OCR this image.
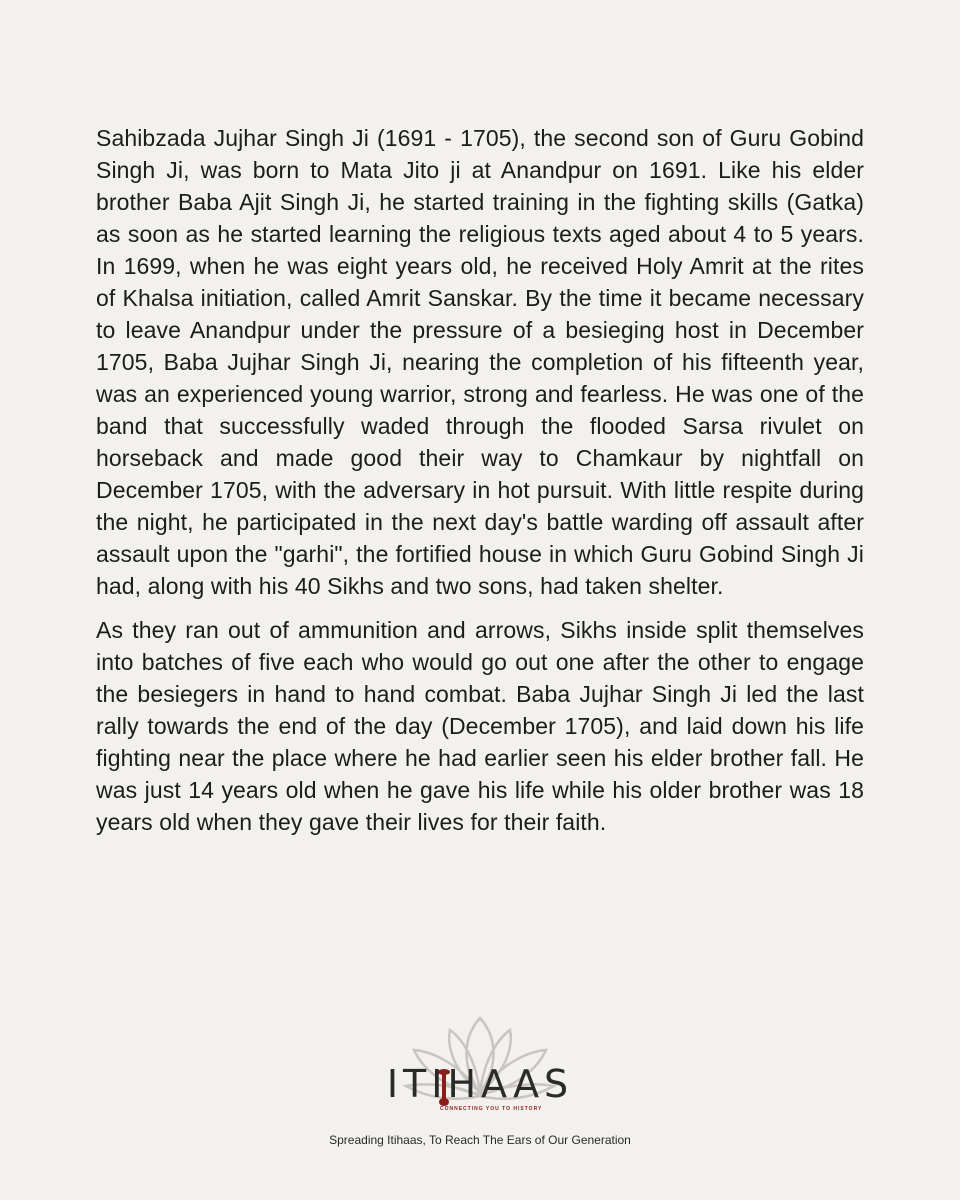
Sahibzada Jujhar Singh Ji (1691 - 1705), the second son of Guru Gobind Singh Ji, was born to Mata Jito ji at Anandpur on 1691. Like his elder brother Baba Ajit Singh Ji, he started training in the fighting skills (Gatka) as soon as he started learning the religious texts aged about 4 to 5 years. In 1699, when he was eight years old, he received Holy Amrit at the rites of Khalsa initiation, called Amrit Sanskar. By the time it became necessary to leave Anandpur under the pressure of a besieging host in December 1705, Baba Jujhar Singh Ji, nearing the completion of his fifteenth year, was an experienced young warrior, strong and fearless. He was one of the band that successfully waded through the flooded Sarsa rivulet on horseback and made good their way to Chamkaur by nightfall on December 1705, with the adversary in hot pursuit. With little respite during the night, he participated in the next day's battle warding off assault after assault upon the "garhi", the fortified house in which Guru Gobind Singh Ji had, along with his 40 Sikhs and two sons, had taken shelter.

As they ran out of ammunition and arrows, Sikhs inside split themselves into batches of five each who would go out one after the other to engage the besiegers in hand to hand combat. Baba Jujhar Singh Ji led the last rally towards the end of the day (December 1705), and laid down his life fighting near the place where he had earlier seen his elder brother fall. He was just 14 years old when he gave his life while his older brother was 18 years old when they gave their lives for their faith.

ITIHAAS
CONNECTING YOU TO HISTORY
Spreading Itihaas, To Reach The Ears of Our Generation
